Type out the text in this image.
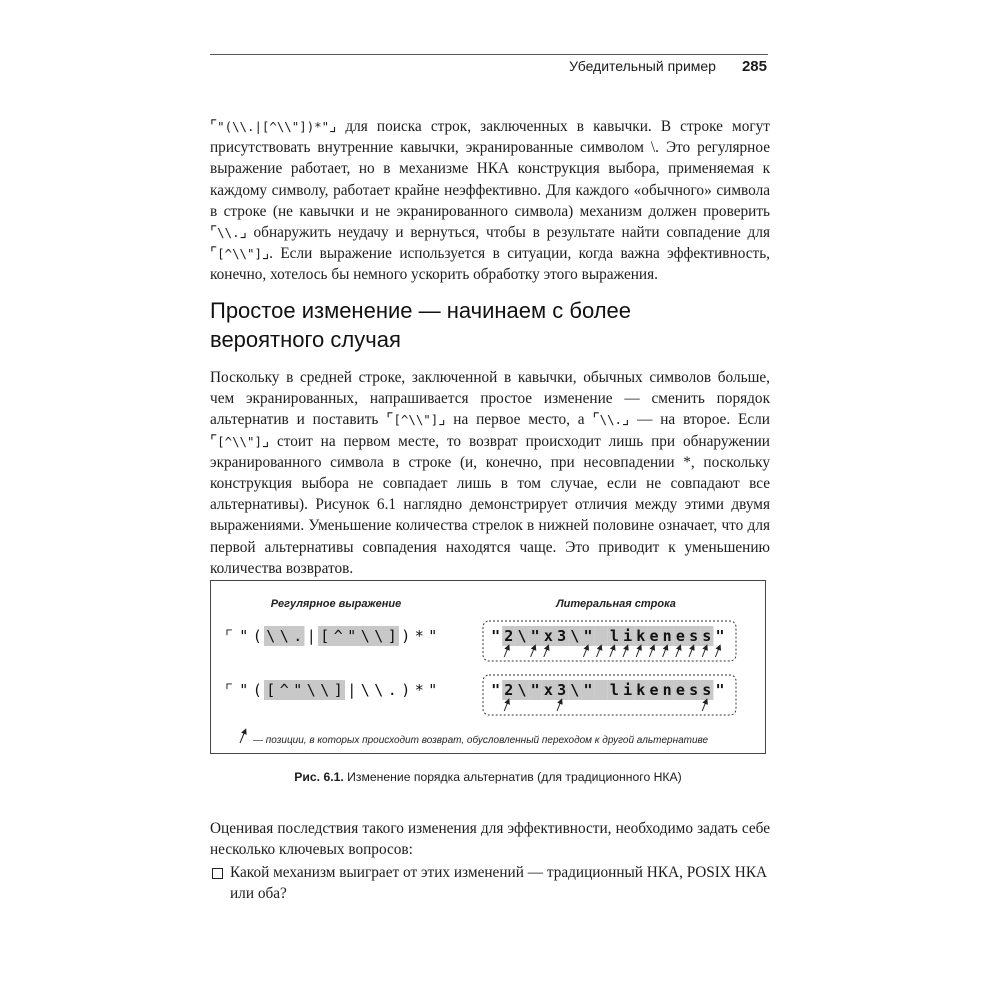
Убедительный пример 285

⌜"(\\.|[^\\"])*"⌟ для поиска строк, заключенных в кавычки. В строке могут присутствовать внутренние кавычки, экранированные символом \. Это регулярное выражение работает, но в механизме НКА конструкция выбора, применяемая к каждому символу, работает крайне неэффективно. Для каждого «обычного» символа в строке (не кавычки и не экранированного символа) механизм должен проверить ⌜\\.⌟ обнаружить неудачу и вернуться, чтобы в результате найти совпадение для ⌜[^\\"]⌟. Если выражение используется в ситуации, когда важна эффективность, конечно, хотелось бы немного ускорить обработку этого выражения.

Простое изменение — начинаем с более вероятного случая

Поскольку в средней строке, заключенной в кавычки, обычных символов больше, чем экранированных, напрашивается простое изменение — сменить порядок альтернатив и поставить ⌜[^\\"]⌟ на первое место, а ⌜\\.⌟ — на второе. Если ⌜[^\\"]⌟ стоит на первом месте, то возврат происходит лишь при обнаружении экранированного символа в строке (и, конечно, при несовпадении *, поскольку конструкция выбора не совпадает лишь в том случае, если не совпадают все альтернативы). Рисунок 6.1 наглядно демонстрирует отличия между этими двумя выражениями. Уменьшение количества стрелок в нижней половине означает, что для первой альтернативы совпадения находятся чаще. Это приводит к уменьшению количества возвратов.

Регулярное выражение	Литеральная строка
⌜
⌜
" ( \ \ . | [ ^ " \ \ ] ) * "
" ( [ ^ " \ \ ] | \ \ . ) * "
" 2 \ " x 3 \ " l i k e n e s s "
" 2 \ " x 3 \ " l i k e n e s s "
— позиции, в которых происходит возврат, обусловленный переходом к другой альтернативе
Рис. 6.1. Изменение порядка альтернатив (для традиционного НКА)

Оценивая последствия такого изменения для эффективности, необходимо задать себе несколько ключевых вопросов:

Какой механизм выиграет от этих изменений — традиционный НКА, POSIX НКА или оба?
